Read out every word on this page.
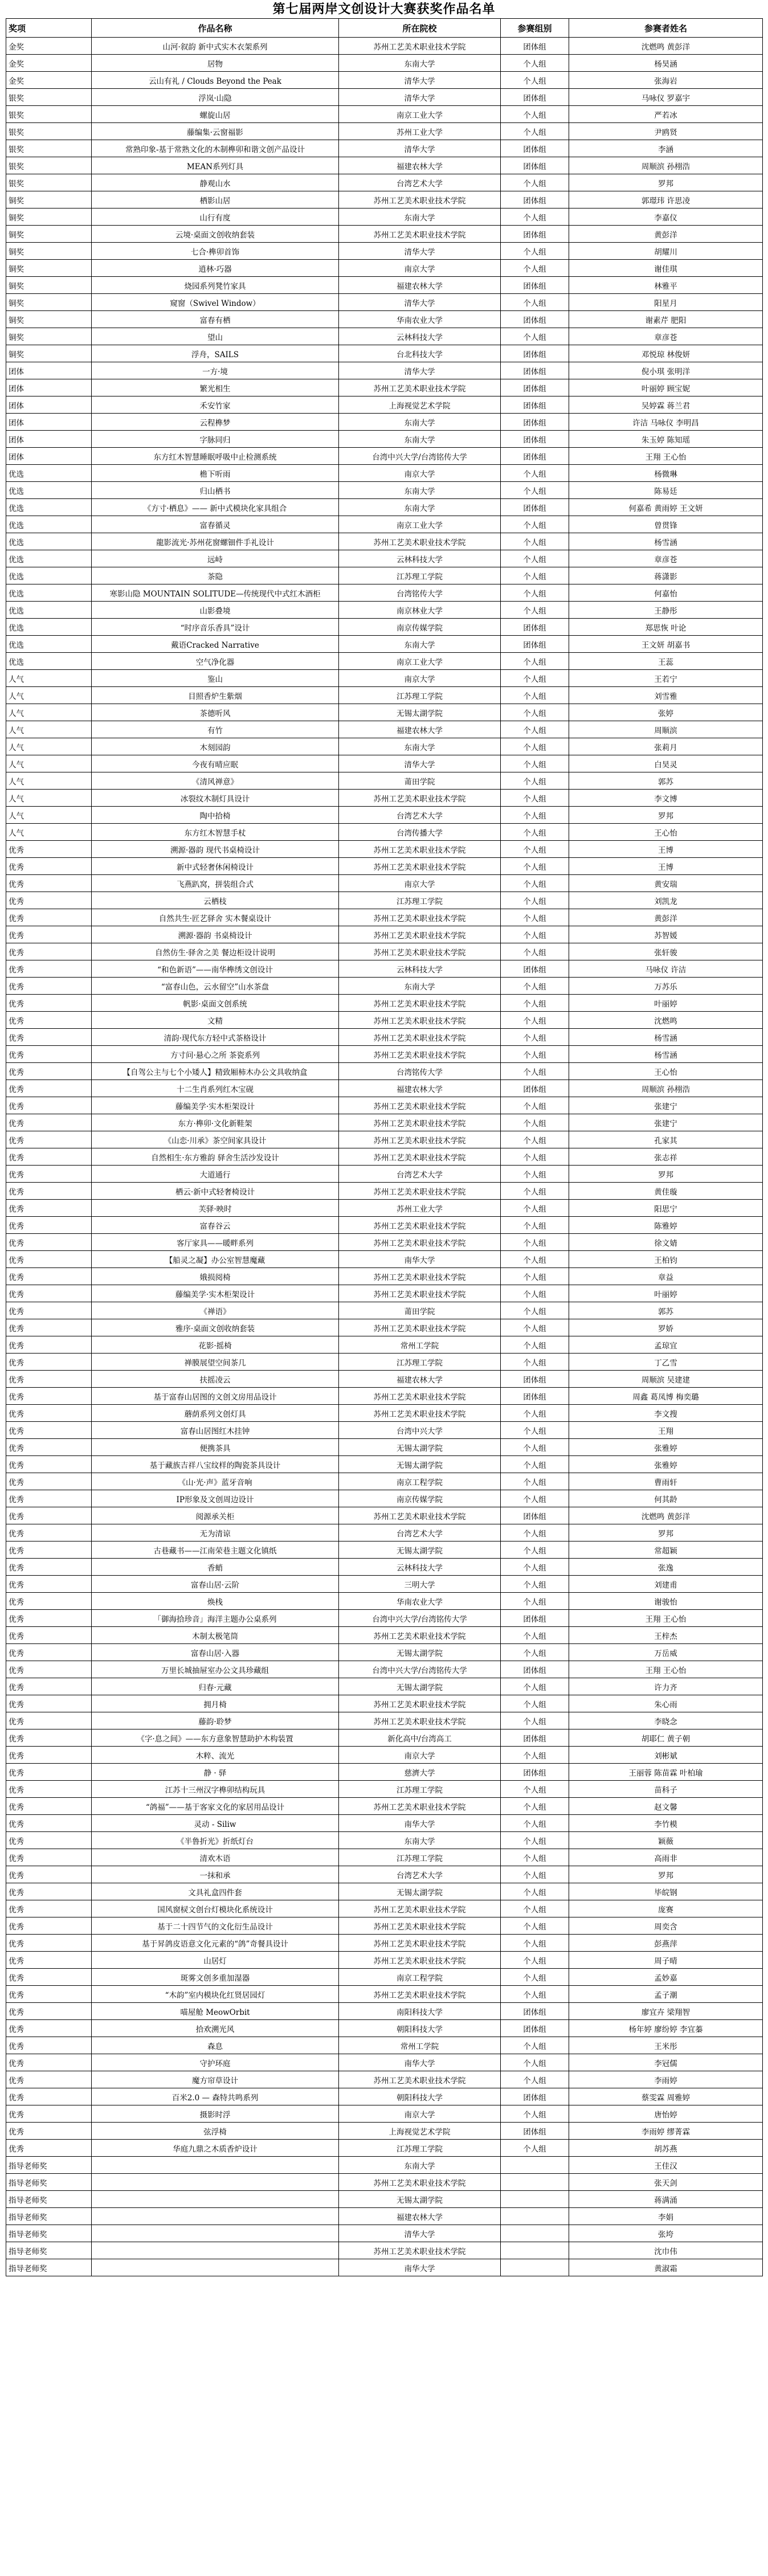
第七届两岸文创设计大赛获奖作品名单
奖项	作品名称	所在院校	参赛组别	参赛者姓名
金奖	山河·叙韵 新中式实木衣架系列	苏州工艺美术职业技术学院	团体组	沈燃鸣 黄彭洋
金奖	居物	东南大学	个人组	杨昊涵
金奖	云山有礼 / Clouds Beyond the Peak	清华大学	个人组	张海岩
银奖	浮岚·山隐	清华大学	团体组	马咏仪 罗嘉宇
银奖	螺旋山居	南京工业大学	个人组	严若冰
银奖	藤编集·云窗福影	苏州工业大学	个人组	尹鸥贤
银奖	常熟印象-基于常熟文化的木制榫卯和谐文创产品设计	清华大学	团体组	李涵
银奖	MEAN系列灯具	福建农林大学	团体组	周顺滨 孙栩浩
银奖	静观山水	台湾艺术大学	个人组	罗邦
铜奖	栖影山居	苏州工艺美术职业技术学院	团体组	郭璟玮 许思凌
铜奖	山行有度	东南大学	个人组	李嘉仪
铜奖	云境·桌面文创收纳套装	苏州工艺美术职业技术学院	团体组	黄彭洋
铜奖	七合·榫卯首饰	清华大学	个人组	胡耀川
铜奖	逍林·巧器	南京大学	个人组	谢佳琪
铜奖	烧园系列凳竹家具	福建农林大学	团体组	林雅平
铜奖	窥窗（Swivel Window）	清华大学	个人组	阳星月
铜奖	富春有栖	华南农业大学	团体组	谢素芹 肥阳
铜奖	望山	云林科技大学	个人组	章彦苍
铜奖	浮舟，SAILS	台北科技大学	团体组	邓悦琼 林俊妍
团体	一方·境	清华大学	团体组	倪小琪 张明洋
团体	繁光相生	苏州工艺美术职业技术学院	团体组	叶丽婷 顾宝妮
团体	禾安竹家	上海视觉艺术学院	团体组	吴婷霖 蒋兰君
团体	云程榫梦	东南大学	团体组	许洁 马咏仪 李明昌
团体	字脉同归	东南大学	团体组	朱玉婷 陈知瑶
团体	东方红木智慧睡眠呼吸中止检测系统	台湾中兴大学/台湾铭传大学	团体组	王翔 王心怡
优选	檐下听雨	南京大学	个人组	杨微琳
优选	归山栖书	东南大学	个人组	陈易廷
优选	《方寸·栖息》—— 新中式模块化家具组合	东南大学	团体组	何嘉希 黄雨婷 王文妍
优选	富春循灵	南京工业大学	个人组	曾贯锋
优选	龍影流光·苏州花窗螺钿件手礼设计	苏州工艺美术职业技术学院	个人组	杨雪涵
优选	远峙	云林科技大学	个人组	章彦苍
优选	茶隐	江苏理工学院	个人组	蒋潇影
优选	寒影山隐 MOUNTAIN SOLITUDE—传统现代中式红木酒柜	台湾铭传大学	个人组	何嘉怡
优选	山影叠境	南京林业大学	个人组	王静彤
优选	“时序音乐香具”设计	南京传媒学院	团体组	郑思恢 叶论
优选	戴语Cracked Narrative	东南大学	团体组	王文妍 胡嘉书
优选	空气净化器	南京工业大学	个人组	王蕊
人气	鉴山	南京大学	个人组	王若宁
人气	目照香炉生紫烟	江苏理工学院	个人组	刘雪雅
人气	茶德听风	无锡太湖学院	个人组	张婷
人气	有竹	福建农林大学	个人组	周顺滨
人气	木刻园韵	东南大学	个人组	张莉月
人气	今夜有晴应眠	清华大学	个人组	白昊灵
人气	《清风禅意》	莆田学院	个人组	郭苏
人气	冰裂纹木制灯具设计	苏州工艺美术职业技术学院	个人组	李文博
人气	陶中拾椅	台湾艺术大学	个人组	罗邦
人气	东方红木智慧手杖	台湾传播大学	个人组	王心怡
优秀	溯源·器韵 现代书桌椅设计	苏州工艺美术职业技术学院	个人组	王博
优秀	新中式轻奢休闲椅设计	苏州工艺美术职业技术学院	个人组	王博
优秀	飞燕趴窝，拼装组合式	南京大学	个人组	黄安瑞
优秀	云栖枝	江苏理工学院	个人组	刘凯龙
优秀	自然共生·匠艺驿舍 实木餐桌设计	苏州工艺美术职业技术学院	个人组	黄彭洋
优秀	溯源·器韵 书桌椅设计	苏州工艺美术职业技术学院	个人组	苏智媛
优秀	自然仿生·驿舍之美 餐边柜设计说明	苏州工艺美术职业技术学院	个人组	张轩骏
优秀	“和色新语”——南华榫绣文创设计	云林科技大学	团体组	马咏仪 许洁
优秀	“富春山色，云水留空”山水茶盘	东南大学	个人组	万苏乐
优秀	帆影·桌面文创系统	苏州工艺美术职业技术学院	个人组	叶丽婷
优秀	文精	苏州工艺美术职业技术学院	个人组	沈燃鸣
优秀	清韵·现代东方轻中式茶格设计	苏州工艺美术职业技术学院	个人组	杨雪涵
优秀	方寸问·悬心之所 茶瓷系列	苏州工艺美术职业技术学院	个人组	杨雪涵
优秀	【自驾公主与七个小矮人】精致厢柿木办公文具收纳盒	台湾铭传大学	个人组	王心怡
优秀	十二生肖系列红木宝砚	福建农林大学	团体组	周顺滨 孙栩浩
优秀	藤编美学·实木柜架设计	苏州工艺美术职业技术学院	个人组	张建宁
优秀	东方·榫卯·文化新鞋架	苏州工艺美术职业技术学院	个人组	张建宁
优秀	《山恋·川承》茶空间家具设计	苏州工艺美术职业技术学院	个人组	孔家其
优秀	自然相生·东方雅韵 驿舍生活沙发设计	苏州工艺美术职业技术学院	个人组	张志祥
优秀	大道通行	台湾艺术大学	个人组	罗邦
优秀	栖云·新中式轻奢椅设计	苏州工艺美术职业技术学院	个人组	黄佳璇
优秀	芙驿·映时	苏州工业大学	个人组	阳思宁
优秀	富春谷云	苏州工艺美术职业技术学院	个人组	陈雅婷
优秀	客厅家具——暖畔系列	苏州工艺美术职业技术学院	个人组	徐文婧
优秀	【船灵之凝】办公室智慧魔藏	南华大学	个人组	王柏钧
优秀	娥损阅椅	苏州工艺美术职业技术学院	个人组	章益
优秀	藤编美学·实木柜架设计	苏州工艺美术职业技术学院	个人组	叶丽婷
优秀	《禅语》	莆田学院	个人组	郭苏
优秀	雅序·桌面文创收纳套装	苏州工艺美术职业技术学院	个人组	罗娇
优秀	花影·摇椅	常州工学院	个人组	孟琼宜
优秀	禅膜展望空间茶几	江苏理工学院	个人组	丁乙雪
优秀	扶摇凌云	福建农林大学	团体组	周顺滨 吴建建
优秀	基于富春山居图的文创文房用品设计	苏州工艺美术职业技术学院	团体组	周鑫 葛凤博 梅奕璐
优秀	蘑荫系列文创灯具	苏州工艺美术职业技术学院	个人组	李文搜
优秀	富春山居图红木挂钟	台湾中兴大学	个人组	王翔
优秀	便携茶具	无锡太湖学院	个人组	张雅婷
优秀	基于藏族吉祥八宝纹样的陶瓷茶具设计	无锡太湖学院	个人组	张雅婷
优秀	《山·光·声》蓝牙音响	南京工程学院	个人组	曹雨轩
优秀	IP形象及文创周边设计	南京传媒学院	个人组	何其龄
优秀	阅源承关柜	苏州工艺美术职业技术学院	团体组	沈燃鸣 黄彭洋
优秀	无为清谅	台湾艺术大学	个人组	罗邦
优秀	古巷藏书——江南荣巷主题文化镇纸	无锡太湖学院	个人组	常超颖
优秀	香蛸	云林科技大学	个人组	张逸
优秀	富春山居·云阶	三明大学	个人组	刘建甫
优秀	焕栈	华南农业大学	个人组	谢骏怡
优秀	「御海拾珍音」海洋主题办公桌系列	台湾中兴大学/台湾铭传大学	团体组	王翔 王心怡
优秀	木制太极笔筒	苏州工艺美术职业技术学院	个人组	王梓杰
优秀	富春山居·入器	无锡太湖学院	个人组	万岳威
优秀	万里长城抽屉室办公文具珍藏组	台湾中兴大学/台湾铭传大学	团体组	王翔 王心怡
优秀	归春·元藏	无锡太湖学院	个人组	许力齐
优秀	拥月椅	苏州工艺美术职业技术学院	个人组	朱心雨
优秀	藤韵·聆梦	苏州工艺美术职业技术学院	个人组	李晓念
优秀	《字·息之间》——东方意象智慧助护木构装置	新化高中/台湾高工	团体组	胡耶仁 黄子朝
优秀	木粹、流光	南京大学	个人组	刘彬斌
优秀	静 · 驿	慈濟大学	团体组	王丽蓉 陈苗霖 叶柏瑜
优秀	江苏十三州汉字榫卯结构玩具	江苏理工学院	个人组	苗科子
优秀	“鸽福”——基于客家文化的家居用品设计	苏州工艺美术职业技术学院	个人组	赵文馨
优秀	灵动 - Siliw	南华大学	个人组	李竹模
优秀	《半鲁折光》折纸灯台	东南大学	个人组	颖薇
优秀	清欢木语	江苏理工学院	个人组	高雨非
优秀	一抹和承	台湾艺术大学	个人组	罗邦
优秀	文具礼盒四件套	无锡太湖学院	个人组	毕皖钢
优秀	国风窗棂文创台灯模块化系统设计	苏州工艺美术职业技术学院	个人组	庞赛
优秀	基于二十四节气的文化衍生品设计	苏州工艺美术职业技术学院	个人组	周奕含
优秀	基于昇鸽皮语意文化元素的“鸽”奇餐具设计	苏州工艺美术职业技术学院	个人组	彭燕萍
优秀	山居灯	苏州工艺美术职业技术学院	个人组	周子晴
优秀	斑雾文创多重加湿器	南京工程学院	个人组	孟妙嘉
优秀	“木韵”室内模块化红贤居园灯	苏州工艺美术职业技术学院	个人组	孟子潮
优秀	喵屋舱 MeowOrbit	南阳科技大学	团体组	廖宜卉 梁翔智
优秀	拾欢溯光风	朝阳科技大学	团体组	杨年婷 廖纷婷 李宜蓁
优秀	森息	常州工学院	个人组	王米彤
优秀	守护环庭	南华大学	个人组	李冠儒
优秀	魔方帘草设计	苏州工艺美术职业技术学院	个人组	李雨婷
优秀	百米2.0 — 森特共鸣系列	朝阳科技大学	团体组	蔡雯霖 周雅婷
优秀	摄影时浮	南京大学	个人组	唐怡婷
优秀	弦浮椅	上海视觉艺术学院	团体组	李雨婷 缪菁霖
优秀	华庭九鼎之木质香炉设计	江苏理工学院	个人组	胡苏燕
指导老师奖		东南大学		王佳汉
指导老师奖		苏州工艺美术职业技术学院		张天剑
指导老师奖		无锡太湖学院		蒋满涌
指导老师奖		福建农林大学		李娟
指导老师奖		清华大学		张垮
指导老师奖		苏州工艺美术职业技术学院		沈巾伟
指导老师奖		南华大学		黄淑霜
